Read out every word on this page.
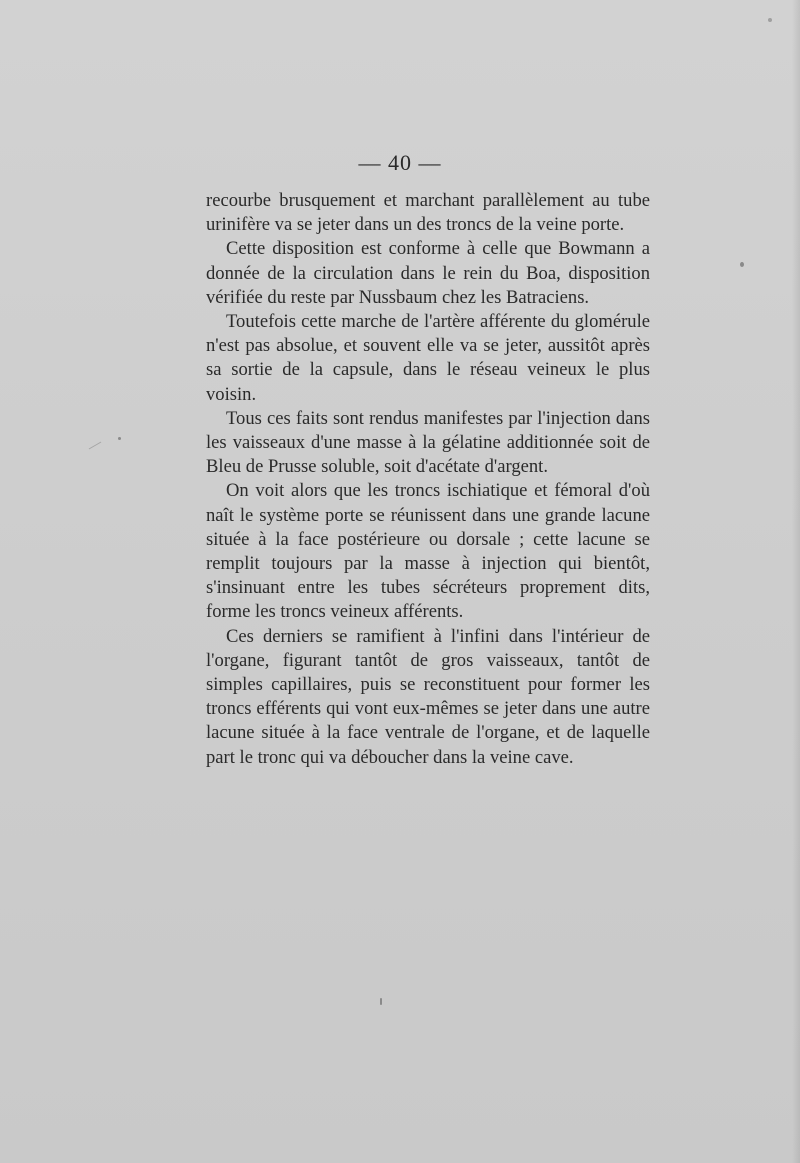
— 40 —

recourbe brusquement et marchant parallèlement au tube urinifère va se jeter dans un des troncs de la veine porte.

Cette disposition est conforme à celle que Bowmann a donnée de la circulation dans le rein du Boa, disposition vérifiée du reste par Nussbaum chez les Batraciens.

Toutefois cette marche de l'artère afférente du glomérule n'est pas absolue, et souvent elle va se jeter, aussitôt après sa sortie de la capsule, dans le réseau veineux le plus voisin.

Tous ces faits sont rendus manifestes par l'injection dans les vaisseaux d'une masse à la gélatine additionnée soit de Bleu de Prusse soluble, soit d'acétate d'argent.

On voit alors que les troncs ischiatique et fémoral d'où naît le système porte se réunissent dans une grande lacune située à la face postérieure ou dorsale ; cette lacune se remplit toujours par la masse à injection qui bientôt, s'insinuant entre les tubes sécréteurs proprement dits, forme les troncs veineux afférents.

Ces derniers se ramifient à l'infini dans l'intérieur de l'organe, figurant tantôt de gros vaisseaux, tantôt de simples capillaires, puis se reconstituent pour former les troncs efférents qui vont eux-mêmes se jeter dans une autre lacune située à la face ventrale de l'organe, et de laquelle part le tronc qui va déboucher dans la veine cave.
